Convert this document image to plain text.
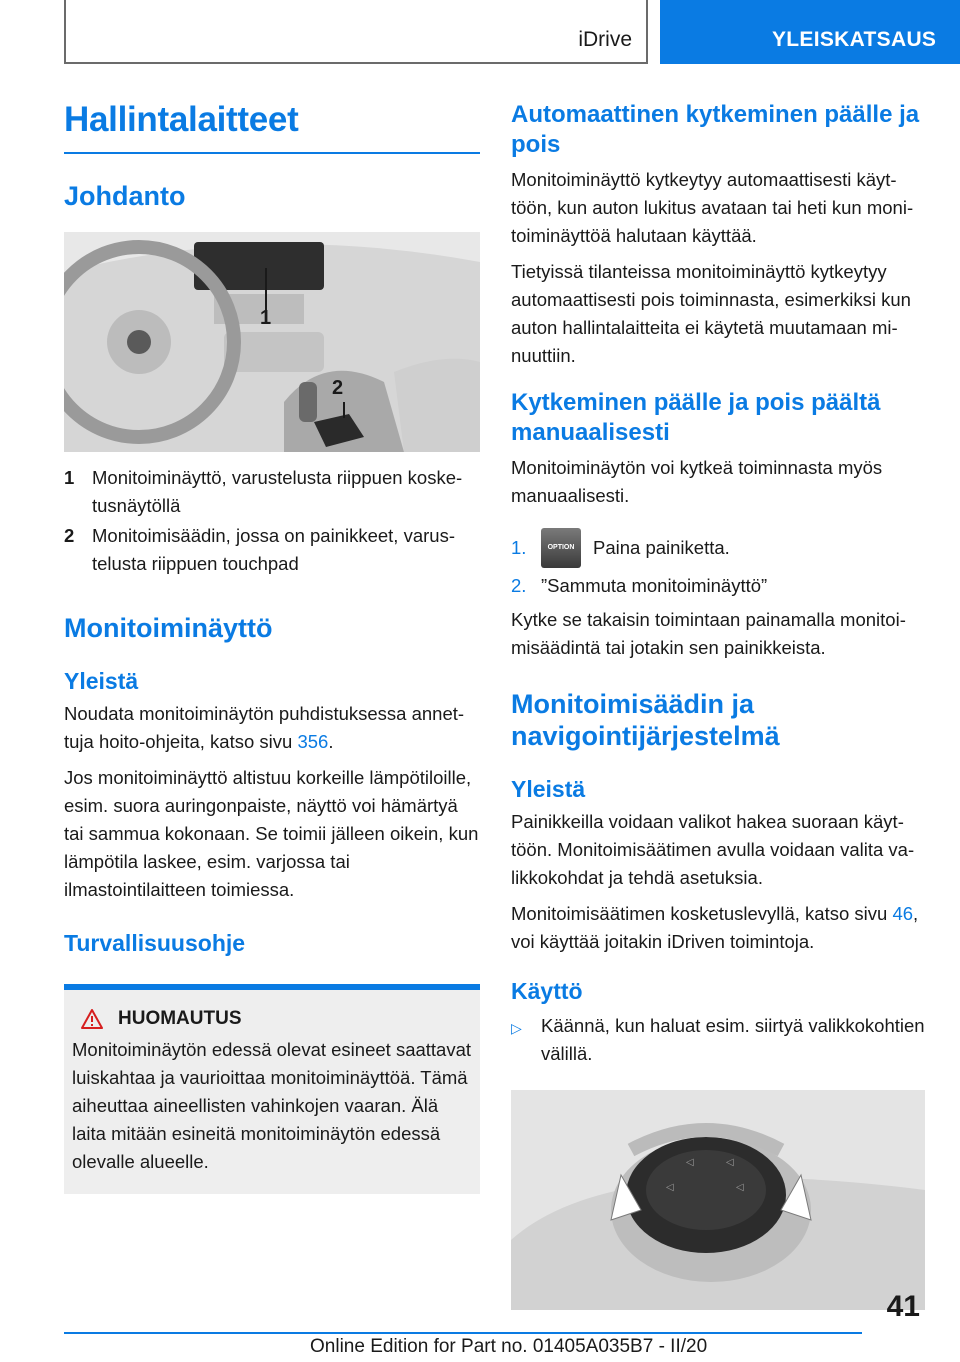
iDrive	YLEISKATSAUS
Hallintalaitteet
Johdanto
1
2
1 Monitoiminäyttö, varustelusta riippuen kosketusnäytöllä
2 Monitoimisäädin, jossa on painikkeet, varustelusta riippuen touchpad
Monitoiminäyttö
Yleistä

Noudata monitoiminäytön puhdistuksessa annettuja hoito-ohjeita, katso sivu 356.

Jos monitoiminäyttö altistuu korkeille lämpötiloille, esim. suora auringonpaiste, näyttö voi hämärtyä tai sammua kokonaan. Se toimii jälleen oikein, kun lämpötila laskee, esim. varjossa tai ilmastointilaitteen toimiessa.

Turvallisuusohje
HUOMAUTUS

Monitoiminäytön edessä olevat esineet saattavat luiskahtaa ja vaurioittaa monitoiminäyttöä. Tämä aiheuttaa aineellisten vahinkojen vaaran. Älä laita mitään esineitä monitoiminäytön edessä olevalle alueelle.

Automaattinen kytkeminen päälle ja pois

Monitoiminäyttö kytkeytyy automaattisesti käyttöön, kun auton lukitus avataan tai heti kun monitoiminäyttöä halutaan käyttää.

Tietyissä tilanteissa monitoiminäyttö kytkeytyy automaattisesti pois toiminnasta, esimerkiksi kun auton hallintalaitteita ei käytetä muutamaan minuuttiin.

Kytkeminen päälle ja pois päältä manuaalisesti

Monitoiminäytön voi kytkeä toiminnasta myös manuaalisesti.

1.	OPTION	Paina painiketta.
2. ”Sammuta monitoiminäyttö”

Kytke se takaisin toimintaan painamalla monitoimisäädintä tai jotakin sen painikkeista.

Monitoimisäädin ja navigointijärjestelmä
Yleistä

Painikkeilla voidaan valikot hakea suoraan käyttöön. Monitoimisäätimen avulla voidaan valita valikkokohdat ja tehdä asetuksia.

Monitoimisäätimen kosketuslevyllä, katso sivu 46, voi käyttää joitakin iDriven toimintoja.

Käyttö
▷	Käännä, kun haluat esim. siirtyä valikkokohtien välillä.
◁	◁
◁	◁
41
Online Edition for Part no. 01405A035B7 - II/20
